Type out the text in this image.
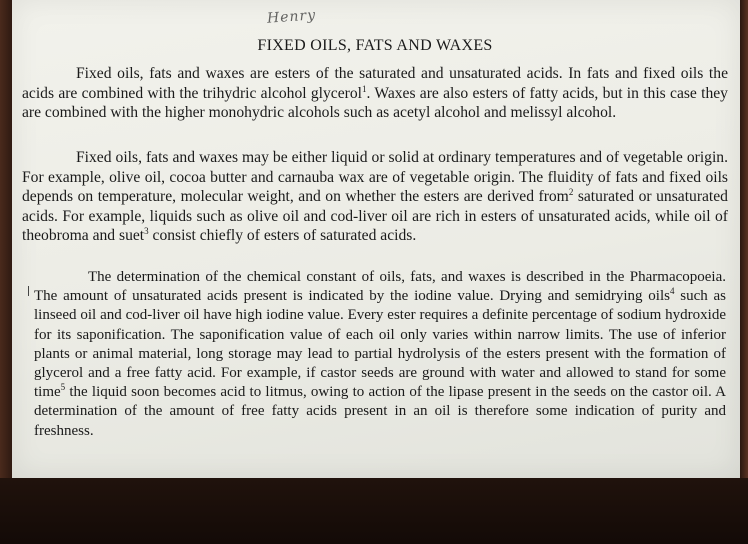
Henry
FIXED OILS, FATS AND WAXES

Fixed oils, fats and waxes are esters of the saturated and unsaturated acids. In fats and fixed oils the acids are combined with the trihydric alcohol glycerol$^1$. Waxes are also esters of fatty acids, but in this case they are combined with the higher monohydric alcohols such as acetyl alcohol and melissyl alcohol.

Fixed oils, fats and waxes may be either liquid or solid at ordinary temperatures and of vegetable origin. For example, olive oil, cocoa butter and carnauba wax are of vegetable origin. The fluidity of fats and fixed oils depends on temperature, molecular weight, and on whether the esters are derived from$^2$ saturated or unsaturated acids. For example, liquids such as olive oil and cod-liver oil are rich in esters of unsaturated acids, while oil of theobroma and suet$^3$ consist chiefly of esters of saturated acids.

The determination of the chemical constant of oils, fats, and waxes is described in the Pharmacopoeia. The amount of unsaturated acids present is indicated by the iodine value. Drying and semidrying oils$^4$ such as linseed oil and cod-liver oil have high iodine value. Every ester requires a definite percentage of sodium hydroxide for its saponification. The saponification value of each oil only varies within narrow limits. The use of inferior plants or animal material, long storage may lead to partial hydrolysis of the esters present with the formation of glycerol and a free fatty acid. For example, if castor seeds are ground with water and allowed to stand for some time$^5$ the liquid soon becomes acid to litmus, owing to action of the lipase present in the seeds on the castor oil. A determination of the amount of free fatty acids present in an oil is therefore some indication of purity and freshness.
